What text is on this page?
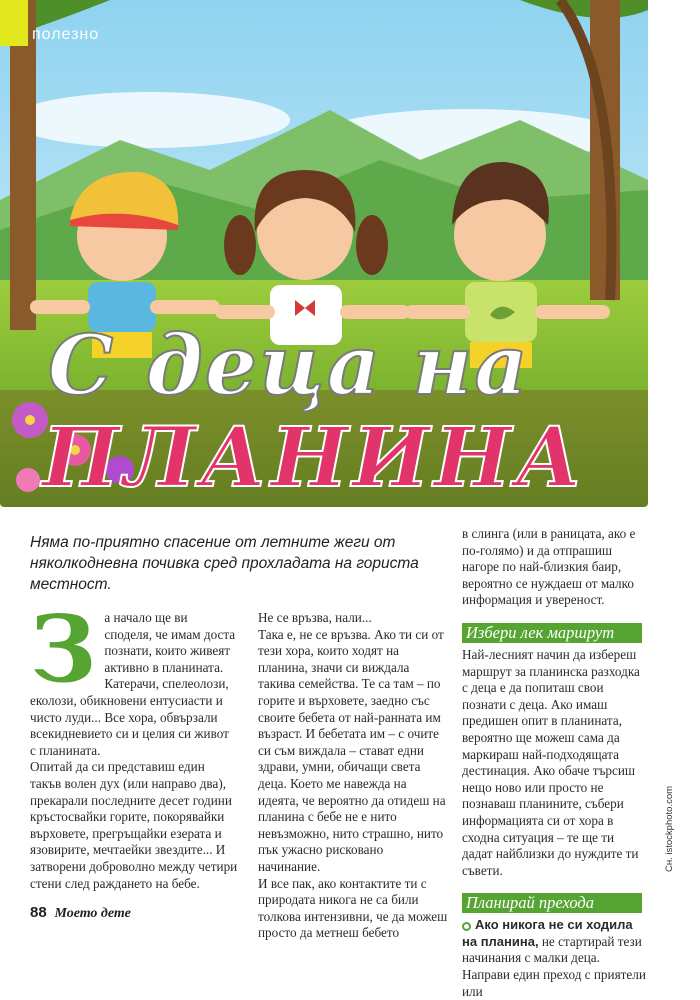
полезно
С деца на
ПЛАНИНА
Няма по-приятно спасение от летните жеги от няколкодневна почивка сред прохладата на гориста местност.
З а начало ще ви споделя, че имам доста познати, които живеят активно в планината. Катерачи, спелеолози, еколози, обикновени ентусиасти и чисто луди... Все хора, обвързали всекидневието си и целия си живот с планината.

Опитай да си представиш един такъв волен дух (или направо два), прекарали последните десет години кръстосвайки горите, покорявайки върховете, прегръщайки езерата и язовирите, мечтаейки звездите... И затворени доброволно между четири стени след раждането на бебе.

Не се връзва, нали...

Така е, не се връзва. Ако ти си от тези хора, които ходят на планина, значи си виждала такива семейства. Те са там – по горите и върховете, заедно със своите бебета от най-ранната им възраст. И бебетата им – с очите си съм виждала – стават едни здрави, умни, обичащи света деца. Което ме навежда на идеята, че вероятно да отидеш на планина с бебе не е нито невъзможно, нито страшно, нито пък ужасно рисковано начинание.

И все пак, ако контактите ти с природата никога не са били толкова интензивни, че да можеш просто да метнеш бебето

в слинга (или в раницата, ако е по-голямо) и да отпрашиш нагоре по най-близкия баир, вероятно се нуждаеш от малко информация и увереност.

Избери лек маршрут

Най-лесният начин да избереш маршрут за планинска разходка с деца е да попиташ свои познати с деца. Ако имаш предишен опит в планината, вероятно ще можеш сама да маркираш най-подходящата дестинация. Ако обаче търсиш нещо ново или просто не познаваш планините, събери информацията си от хора в сходна ситуация – те ще ти дадат найблизки до нуждите ти съвети.

Планирай прехода

Ако никога не си ходила на планина, не стартирай тези начинания с малки деца. Направи един преход с приятели или

88 Моето дете
Сн. istockphoto.com
